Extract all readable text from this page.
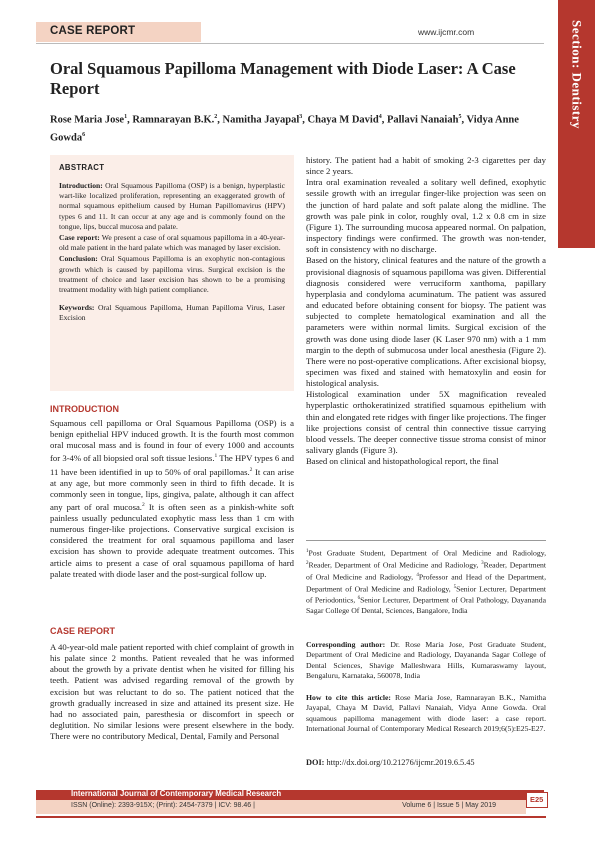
Section: Dentistry
CASE REPORT	www.ijcmr.com
Oral Squamous Papilloma Management with Diode Laser: A Case Report
Rose Maria Jose$^1$, Ramnarayan B.K.$^2$, Namitha Jayapal$^3$, Chaya M David$^4$, Pallavi Nanaiah$^5$, Vidya Anne Gowda$^6$
ABSTRACT

Introduction: Oral Squamous Papilloma (OSP) is a benign, hyperplastic wart-like localized proliferation, representing an exaggerated growth of normal squamous epithelium caused by Human Papillomavirus (HPV) types 6 and 11. It can occur at any age and is commonly found on the tongue, lips, buccal mucosa and palate.

Case report: We present a case of oral squamous papilloma in a 40-year-old male patient in the hard palate which was managed by laser excision.

Conclusion: Oral Squamous Papilloma is an exophytic non-contagious growth which is caused by papilloma virus. Surgical excision is the treatment of choice and laser excision has shown to be a promising treatment modality with high patient compliance.

Keywords: Oral Squamous Papilloma, Human Papilloma Virus, Laser Excision

INTRODUCTION

Squamous cell papilloma or Oral Squamous Papilloma (OSP) is a benign epithelial HPV induced growth. It is the fourth most common oral mucosal mass and is found in four of every 1000 and accounts for 3-4% of all biopsied oral soft tissue lesions.$^1$ The HPV types 6 and 11 have been identified in up to 50% of oral papillomas.$^2$ It can arise at any age, but more commonly seen in third to fifth decade. It is commonly seen in tongue, lips, gingiva, palate, although it can affect any part of oral mucosa.$^2$ It is often seen as a pinkish-white soft painless usually pedunculated exophytic mass less than 1 cm with numerous finger-like projections. Conservative surgical excision is considered the treatment for oral squamous papilloma and laser excision has shown to provide adequate treatment outcomes. This article aims to present a case of oral squamous papilloma of hard palate treated with diode laser and the post-surgical follow up.

CASE REPORT

A 40-year-old male patient reported with chief complaint of growth in his palate since 2 months. Patient revealed that he was informed about the growth by a private dentist when he visited for filling his teeth. Patient was advised regarding removal of the growth by excision but was reluctant to do so. The patient noticed that the growth gradually increased in size and attained its present size. He had no associated pain, paresthesia or discomfort in speech or deglutition. No similar lesions were present elsewhere in the body. There were no contributory Medical, Dental, Family and Personal

history. The patient had a habit of smoking 2-3 cigarettes per day since 2 years.

Intra oral examination revealed a solitary well defined, exophytic sessile growth with an irregular finger-like projection was seen on the junction of hard palate and soft palate along the midline. The growth was pale pink in color, roughly oval, 1.2 x 0.8 cm in size (Figure 1). The surrounding mucosa appeared normal. On palpation, inspectory findings were confirmed. The growth was non-tender, soft in consistency with no discharge.

Based on the history, clinical features and the nature of the growth a provisional diagnosis of squamous papilloma was given. Differential diagnosis considered were verruciform xanthoma, papillary hyperplasia and condyloma acuminatum. The patient was assured and educated before obtaining consent for biopsy. The patient was subjected to complete hematological examination and all the parameters were within normal limits. Surgical excision of the growth was done using diode laser (K Laser 970 nm) with a 1 mm margin to the depth of submucosa under local anesthesia (Figure 2). There were no post-operative complications. After excisional biopsy, specimen was fixed and stained with hematoxylin and eosin for histological analysis.

Histological examination under 5X magnification revealed hyperplastic orthokeratinized stratified squamous epithelium with thin and elongated rete ridges with finger like projections. The finger like projections consist of central thin connective tissue carrying blood vessels. The deeper connective tissue stroma consist of minor salivary glands (Figure 3).

Based on clinical and histopathological report, the final

$^1$Post Graduate Student, Department of Oral Medicine and Radiology, $^2$Reader, Department of Oral Medicine and Radiology, $^3$Reader, Department of Oral Medicine and Radiology, $^4$Professor and Head of the Department, Department of Oral Medicine and Radiology, $^5$Senior Lecturer, Department of Periodontics, $^6$Senior Lecturer, Department of Oral Pathology, Dayananda Sagar College Of Dental, Sciences, Bangalore, India
Corresponding author: Dr. Rose Maria Jose, Post Graduate Student, Department of Oral Medicine and Radiology, Dayananda Sagar College of Dental Sciences, Shavige Malleshwara Hills, Kumaraswamy layout, Bengaluru, Karnataka, 560078, India
How to cite this article: Rose Maria Jose, Ramnarayan B.K., Namitha Jayapal, Chaya M David, Pallavi Nanaiah, Vidya Anne Gowda. Oral squamous papilloma management with diode laser: a case report. International Journal of Contemporary Medical Research 2019;6(5):E25-E27.
DOI: http://dx.doi.org/10.21276/ijcmr.2019.6.5.45
International Journal of Contemporary Medical Research
ISSN (Online): 2393-915X; (Print): 2454-7379 | ICV: 98.46 |	Volume 6 | Issue 5 | May 2019
E25
